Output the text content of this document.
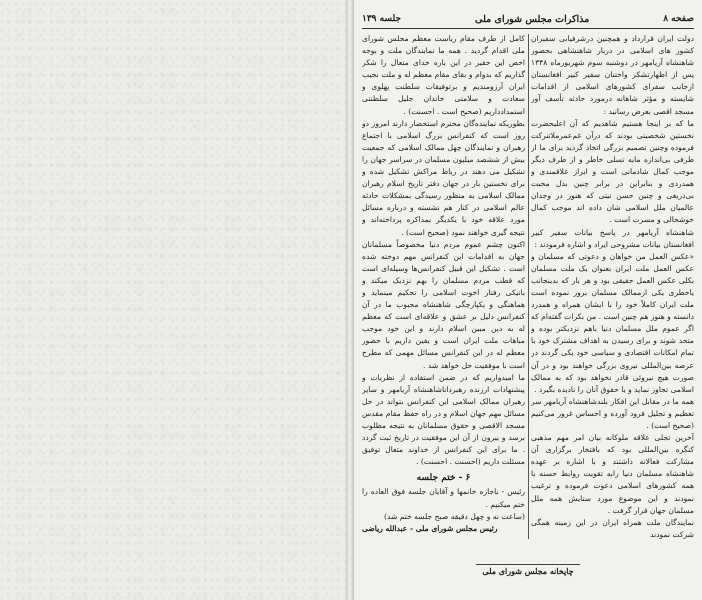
صفحه ۸
مذاکرات مجلس شورای ملی
جلسه ۱۳۹

دولت ایران قرارداد و همچنین درشرفیابی سفیران کشور های اسلامی در دربار شاهنشاهی بحضور شاهنشاه آریامهر در دوشنبه سوم شهریورماه ۱۳۴۸ پس از اظهارتشکر واحتنان سفیر کبیر افغانستان ازجانب سفرای کشورهای اسلامی از اقدامات شایسته و مؤثر شاهانه درمورد حادثه تأسف آور مسجد اقصی بعرض رسانید :

ما که بر اینجا هستیم شاهدیم که آن اعلیحضرت نخستین شخصیتی بودند که درآن غم‌عمرملاتنرکت فرموده وچنین تصمیم بزرگی اتخاذ گردید برای ما از طرفی بی‌اندازه مایه تسلی خاطر و از طرف دیگر موجب کمال شادمانی است و ابراز علاقمندی و همدردی و بنابراین در برابر چنین بذل محبت بی‌دریغی و چنین حسن نیتی که هنوز در وجدان عالمیان ملل اسلامی شان داده اند موجب کمال خوشحالی و مسرت است .

شاهنشاه آریامهر در پاسخ بیانات سفیر کبیر افغانستان بیانات مشروحی ایراد و اشاره فرمودند :

«عکس العمل من خواهان و دعوتی که مسلمان و عکس العمل ملت ایران بعنوان یک ملت مسلمان بکلی عکس العمل حقیقی بود و هر بار که بدینجانب یاخطری یکی ازممالک مسلمان بروز نموده است ملت ایران کاملاً خود را با ایشان همراه و همدرد دانسته و هنوز هم چنین است . من بکرات گفته‌ام که اگر عموم ملل مسلمان دنیا باهم نزدیکتر بوده و متحد شوند و برای رسیدن به اهداف مشترک خود با تمام امکانات اقتصادی و سیاسی خود یکی گردند در عرصه بین‌المللی نیروی بزرگی خواهند بود و در آن صورت هیچ نیروئی قادر نخواهد بود که به ممالک اسلامی تجاوز نماید و یا حقوق آنان را نادیده بگیرد .

همه ما در مقابل این افکار بلندشاهنشاه آریامهر سر تعظیم و تجلیل فرود آورده و احساس غرور می‌کنیم (صحیح است) .

آخرین تجلی علاقه ملوکانه بیان امر مهم مذهبی کنگره بین‌المللی بود که بافتخار برگزاری آن مشارکت فعالانه داشتند و با اشاره بر عهده شاهنشاه مسلمان دنیا رابه تقویت روابط حسنه با همه کشورهای اسلامی دعوت فرموده و ترغیب نمودند و این موضوع مورد ستایش همه ملل مسلمان جهان قرار گرفت .

نمایندگان ملت همراه ایران در این زمینه همگی شرکت نمودند

کامل از طرف مقام ریاست معظم مجلس شورای ملی اقدام گردید . همه ما نمایندگان ملت و بوجه اخص این حقیر در این باره خدای متعال را شکر گذاریم که بدوام و بقای مقام معظم له و ملت نجیب ایران آرزومندیم و برتوفیقات سلطنت پهلوی و سعادت و سلامتی خاندان جلیل سلطنتی استمدادداریم (صحیح است . احسنت) .

بطوریکه نماینده‌گان محترم استحضار دارند امروز دو روز است که کنفرانس بزرگ اسلامی با اجتماع رهبران و نمایندگان چهل ممالک اسلامی که جمعیت بیش از ششصد میلیون مسلمان در سراسر جهان را تشکیل می دهند در رباط مراکش تشکیل شده و برای نخستین بار در جهان دفتر تاریخ اسلام رهبران ممالک اسلامی به منظور رسیدگی بمشکلات حادثه عالم اسلامی در کنار هم نشسته و درباره مسائل مورد علاقه خود با یکدیگر بمذاکره پرداخته‌اند و نتیجه گیری خواهند نمود (صحیح است) .

اکنون چشم عموم مردم دنیا مخصوصاً مسلمانان جهان به اقدامات این کنفرانس مهم دوخته شده است . تشکیل این قبیل کنفرانس‌ها وسیله‌ای است که قطب مردم مسلمان را بهم نزدیک میکند و بانیکی رفتار اخوت اسلامی را تحکیم مینماید و هماهنگی و یکپارچگی شاهنشاه محبوب ما در آن کنفرانس دلیل بر عشق و علاقه‌ای است که معظم له به دین مبین اسلام دارند و این خود موجب مباهات ملت ایران است و یقین داریم با حضور معظم له در این کنفرانس مسائل مهمی که مطرح است با موفقیت حل خواهد شد .

ما امیدواریم که در ضمن استفاده از نظریات و پیشنهادات ارزنده رهبرداناشاهنشاه آریامهر و سایر رهبران ممالک اسلامی این کنفرانس بتواند در حل مسائل مهم جهان اسلام و در راه حفظ مقام مقدس مسجد الاقصی و حقوق مسلمانان به نتیجه مطلوب برسد و بیرون از آن این موفقیت در تاریخ ثبت گردد . ما برای این کنفرانس از خداوند متعال توفیق مسئلت داریم (احسنت . احسنت) .

۶ - ختم جلسه

رئیس - باجازه خانمها و آقایان جلسه فوق العاده را ختم میکنیم .

(ساعت نه و چهل دقیقه صبح جلسه ختم شد)

رئیس مجلس شورای ملی - عبدالله ریاضی

چاپخانه مجلس شورای ملی
